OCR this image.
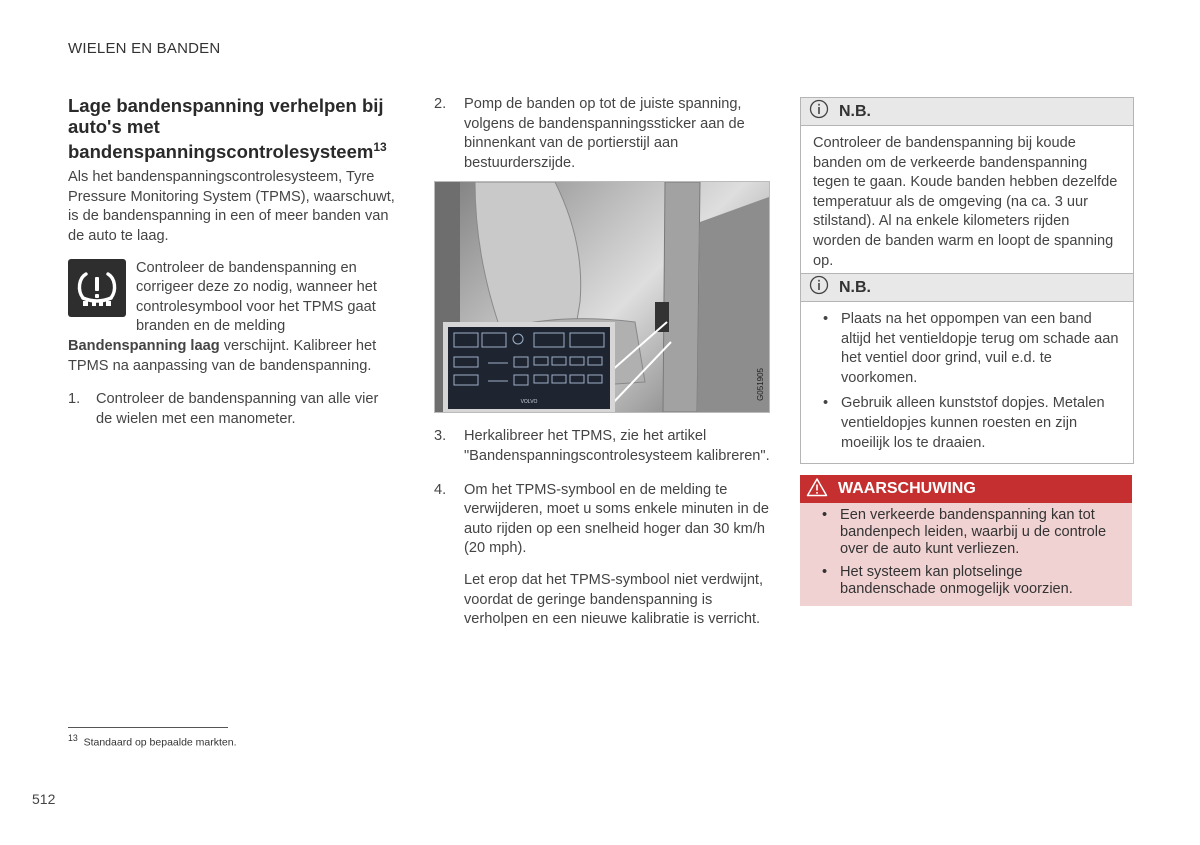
WIELEN EN BANDEN
Lage bandenspanning verhelpen bij auto's met bandenspanningscontrolesysteem$^{13}$

Als het bandenspanningscontrolesysteem, Tyre Pressure Monitoring System (TPMS), waarschuwt, is de bandenspanning in een of meer banden van de auto te laag.

Controleer de bandenspanning en corrigeer deze zo nodig, wanneer het controlesymbool voor het TPMS gaat branden en de melding Bandenspanning laag verschijnt. Kalibreer het TPMS na aanpassing van de bandenspanning.
1. Controleer de bandenspanning van alle vier de wielen met een manometer.
2. Pomp de banden op tot de juiste spanning, volgens de bandenspanningssticker aan de binnenkant van de portierstijl aan bestuurderszijde.
VOLVO
G051905
3. Herkalibreer het TPMS, zie het artikel "Bandenspanningscontrolesysteem kalibreren".
4. Om het TPMS-symbool en de melding te verwijderen, moet u soms enkele minuten in de auto rijden op een snelheid hoger dan 30 km/h (20 mph).

Let erop dat het TPMS-symbool niet verdwijnt, voordat de geringe bandenspanning is verholpen en een nieuwe kalibratie is verricht.

N.B.
Controleer de bandenspanning bij koude banden om de verkeerde bandenspanning tegen te gaan. Koude banden hebben dezelfde temperatuur als de omgeving (na ca. 3 uur stilstand). Al na enkele kilometers rijden worden de banden warm en loopt de spanning op.
N.B.
• Plaats na het oppompen van een band altijd het ventieldopje terug om schade aan het ventiel door grind, vuil e.d. te voorkomen.
• Gebruik alleen kunststof dopjes. Metalen ventieldopjes kunnen roesten en zijn moeilijk los te draaien.
WAARSCHUWING
• Een verkeerde bandenspanning kan tot bandenpech leiden, waarbij u de controle over de auto kunt verliezen.
• Het systeem kan plotselinge bandenschade onmogelijk voorzien.
$^{13}$ Standaard op bepaalde markten.
512
